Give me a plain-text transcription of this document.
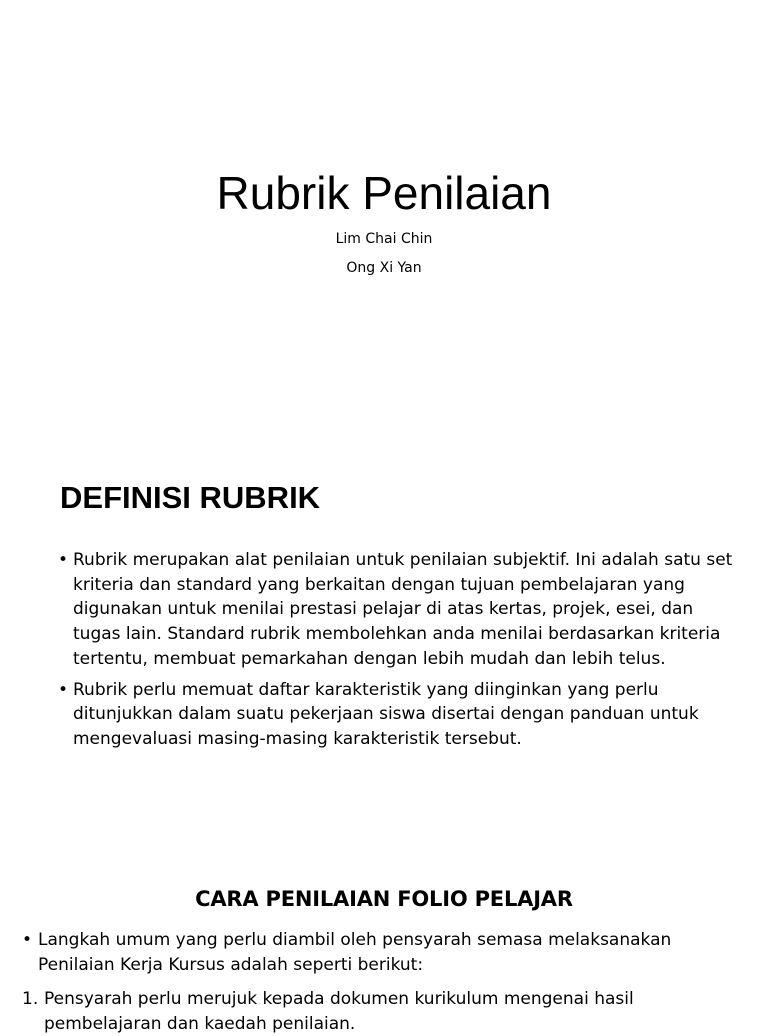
Rubrik Penilaian
Lim Chai Chin
Ong Xi Yan
DEFINISI RUBRIK
• Rubrik merupakan alat penilaian untuk penilaian subjektif. Ini adalah satu set kriteria dan standard yang berkaitan dengan tujuan pembelajaran yang digunakan untuk menilai prestasi pelajar di atas kertas, projek, esei, dan tugas lain. Standard rubrik membolehkan anda menilai berdasarkan kriteria tertentu, membuat pemarkahan dengan lebih mudah dan lebih telus.
• Rubrik perlu memuat daftar karakteristik yang diinginkan yang perlu ditunjukkan dalam suatu pekerjaan siswa disertai dengan panduan untuk mengevaluasi masing-masing karakteristik tersebut.
CARA PENILAIAN FOLIO PELAJAR
• Langkah umum yang perlu diambil oleh pensyarah semasa melaksanakan Penilaian Kerja Kursus adalah seperti berikut:
1. Pensyarah perlu merujuk kepada dokumen kurikulum mengenai hasil pembelajaran dan kaedah penilaian.
